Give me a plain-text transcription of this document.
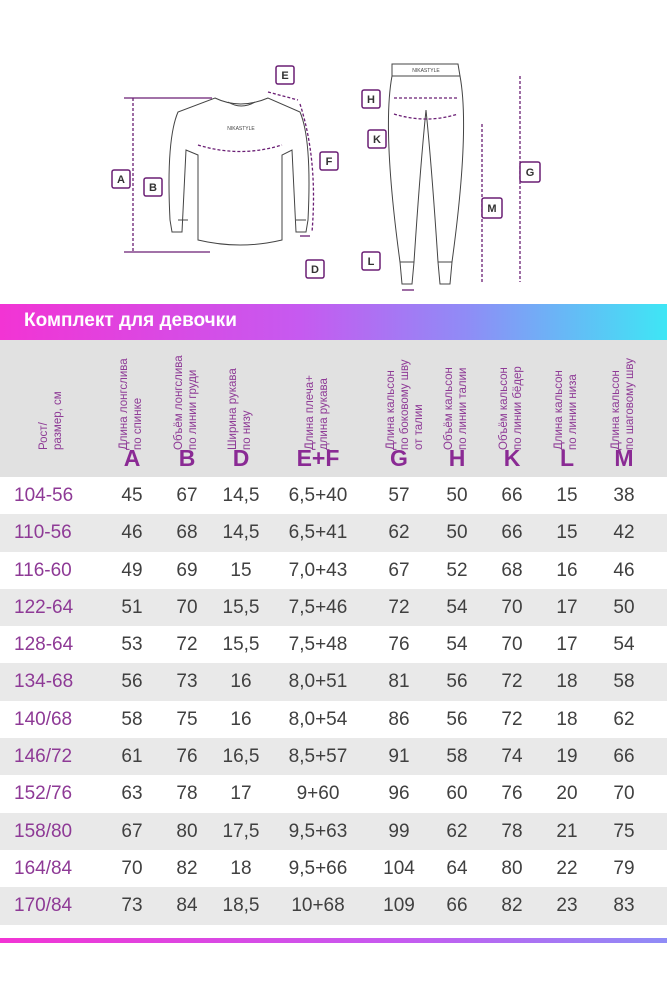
NIKASTYLE
NIKASTYLE
A
B
E
F
D
H
K
G
M
L
Комплект для девочки
Рост/
размер, см
Длина лонгслива
по спинке
A
Объём лонгслива
по линии груди
B
Ширина рукава
по низу
D
Длина плеча+
длина рукава
E+F
Длина кальсон
по боковому шву
от талии
G
Объём кальсон
по линии талии
H
Объём кальсон
по линии бёдер
K
Длина кальсон
по линии низа
L
Длина кальсон
по шаговому шву
M
104-56	45	67	14,5	6,5+40	57	50	66	15	38
110-56	46	68	14,5	6,5+41	62	50	66	15	42
116-60	49	69	15	7,0+43	67	52	68	16	46
122-64	51	70	15,5	7,5+46	72	54	70	17	50
128-64	53	72	15,5	7,5+48	76	54	70	17	54
134-68	56	73	16	8,0+51	81	56	72	18	58
140/68	58	75	16	8,0+54	86	56	72	18	62
146/72	61	76	16,5	8,5+57	91	58	74	19	66
152/76	63	78	17	9+60	96	60	76	20	70
158/80	67	80	17,5	9,5+63	99	62	78	21	75
164/84	70	82	18	9,5+66	104	64	80	22	79
170/84	73	84	18,5	10+68	109	66	82	23	83
